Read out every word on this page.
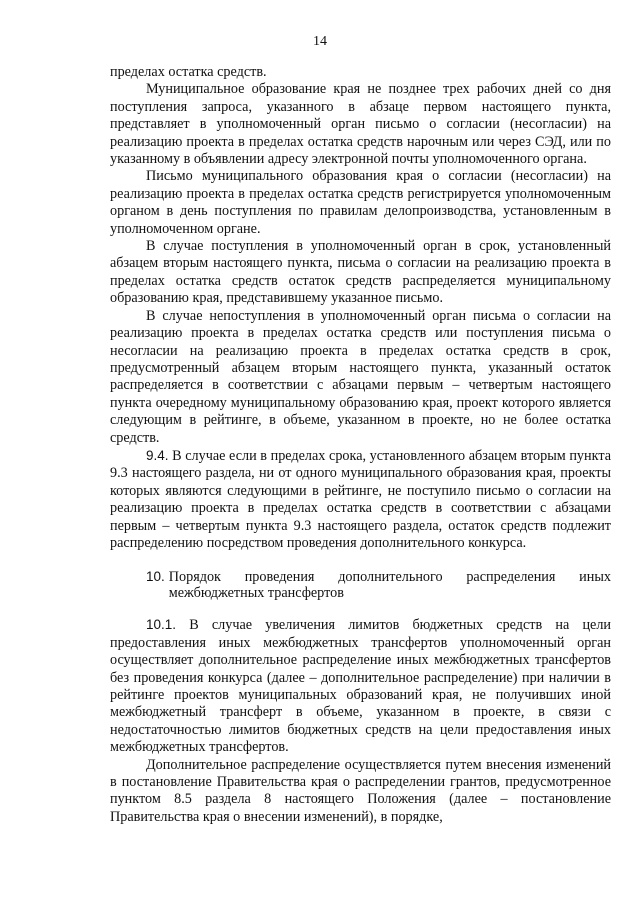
14

пределах остатка средств.

Муниципальное образование края не позднее трех рабочих дней со дня поступления запроса, указанного в абзаце первом настоящего пункта, представляет в уполномоченный орган письмо о согласии (несогласии) на реализацию проекта в пределах остатка средств нарочным или через СЭД, или по указанному в объявлении адресу электронной почты уполномоченного органа.

Письмо муниципального образования края о согласии (несогласии) на реализацию проекта в пределах остатка средств регистрируется уполномоченным органом в день поступления по правилам делопроизводства, установленным в уполномоченном органе.

В случае поступления в уполномоченный орган в срок, установленный абзацем вторым настоящего пункта, письма о согласии на реализацию проекта в пределах остатка средств остаток средств распределяется муниципальному образованию края, представившему указанное письмо.

В случае непоступления в уполномоченный орган письма о согласии на реализацию проекта в пределах остатка средств или поступления письма о несогласии на реализацию проекта в пределах остатка средств в срок, предусмотренный абзацем вторым настоящего пункта, указанный остаток распределяется в соответствии с абзацами первым – четвертым настоящего пункта очередному муниципальному образованию края, проект которого является следующим в рейтинге, в объеме, указанном в проекте, но не более остатка средств.

9.4. В случае если в пределах срока, установленного абзацем вторым пункта 9.3 настоящего раздела, ни от одного муниципального образования края, проекты которых являются следующими в рейтинге, не поступило письмо о согласии на реализацию проекта в пределах остатка средств в соответствии с абзацами первым – четвертым пункта 9.3 настоящего раздела, остаток средств подлежит распределению посредством проведения дополнительного конкурса.

10. Порядок проведения дополнительного распределения иных межбюджетных трансфертов

10.1. В случае увеличения лимитов бюджетных средств на цели предоставления иных межбюджетных трансфертов уполномоченный орган осуществляет дополнительное распределение иных межбюджетных трансфертов без проведения конкурса (далее – дополнительное распределение) при наличии в рейтинге проектов муниципальных образований края, не получивших иной межбюджетный трансферт в объеме, указанном в проекте, в связи с недостаточностью лимитов бюджетных средств на цели предоставления иных межбюджетных трансфертов.

Дополнительное распределение осуществляется путем внесения изменений в постановление Правительства края о распределении грантов, предусмотренное пунктом 8.5 раздела 8 настоящего Положения (далее – постановление Правительства края о внесении изменений), в порядке,
